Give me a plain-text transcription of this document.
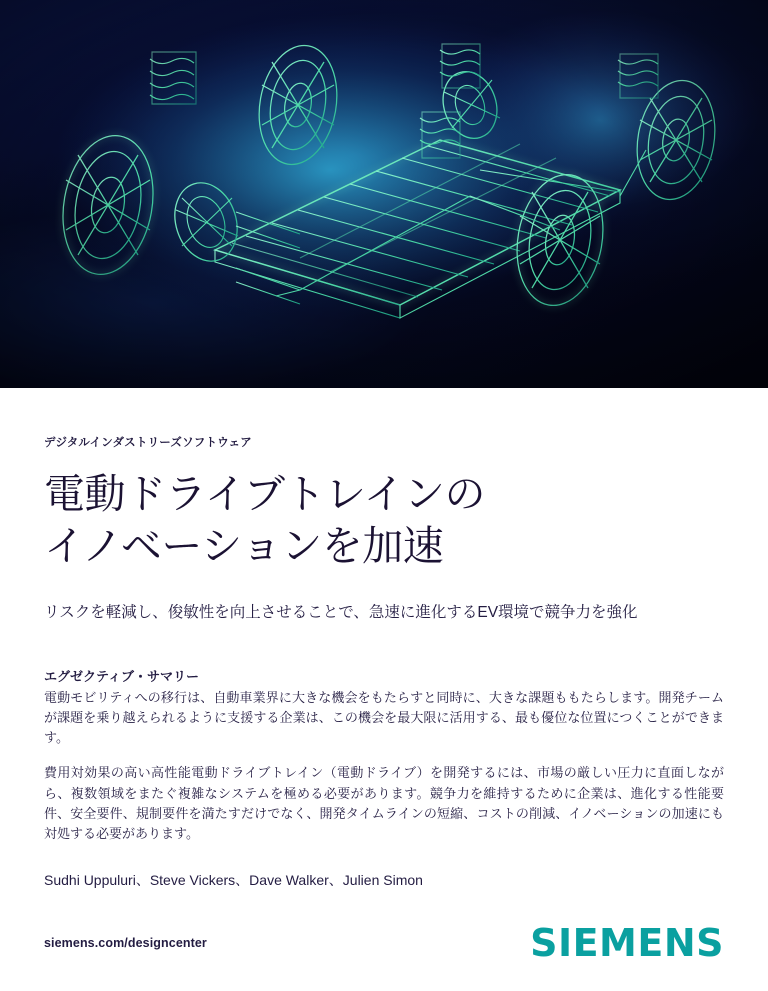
デジタルインダストリーズソフトウェア
電動ドライブトレインの
イノベーションを加速
リスクを軽減し、俊敏性を向上させることで、急速に進化するEV環境で競争力を強化
エグゼクティブ・サマリー

電動モビリティへの移行は、自動車業界に大きな機会をもたらすと同時に、大きな課題ももたらします。開発チームが課題を乗り越えられるように支援する企業は、この機会を最大限に活用する、最も優位な位置につくことができます。

費用対効果の高い高性能電動ドライブトレイン（電動ドライブ）を開発するには、市場の厳しい圧力に直面しながら、複数領域をまたぐ複雑なシステムを極める必要があります。競争力を維持するために企業は、進化する性能要件、安全要件、規制要件を満たすだけでなく、開発タイムラインの短縮、コストの削減、イノベーションの加速にも対処する必要があります。

Sudhi Uppuluri、Steve Vickers、Dave Walker、Julien Simon
siemens.com/designcenter	SIEMENS
